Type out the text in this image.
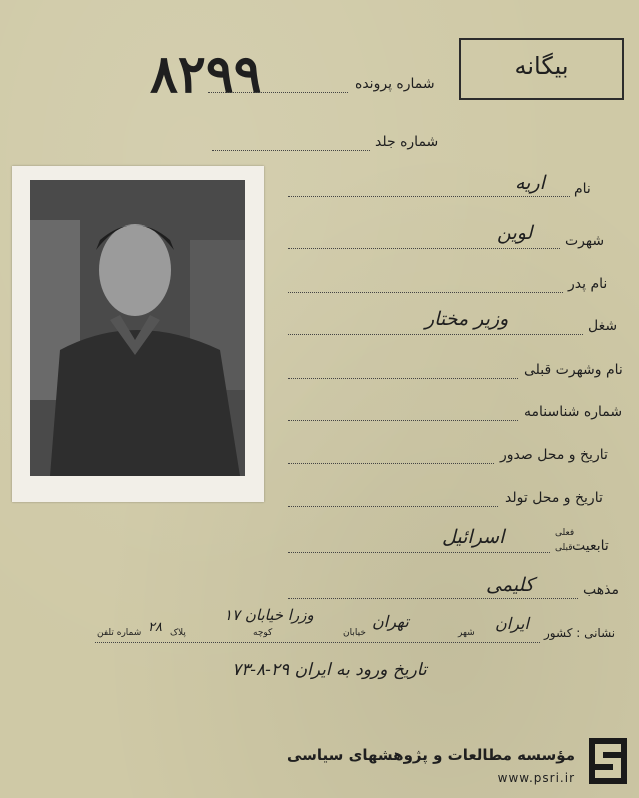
بیگانه
۸۲۹۹	شماره پرونده
شماره جلد
نام
اریه
شهرت
لوین
نام پدر
شغل
وزیر مختار
نام وشهرت قبلی
شماره شناسنامه
تاریخ و محل صدور
تاریخ و محل تولد
تابعیت
فعلی
قبلی
اسرائیل
مذهب
کلیمی
نشانی : کشور
ایران
شهر
تهران
خیابان
وزرا خیابان ۱۷
کوچه
پلاک
۲۸
شماره تلفن
تاریخ ورود به ایران ۲۹-۸-۷۳
مؤسسه مطالعات و پژوهشهای سیاسی
www.psri.ir
